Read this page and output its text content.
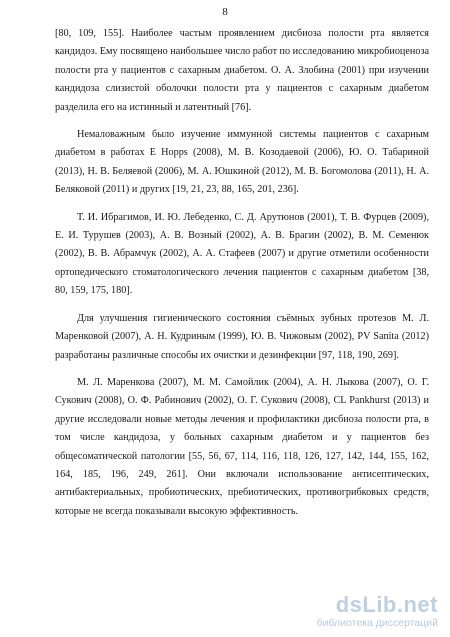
8

[80, 109, 155]. Наиболее частым проявлением дисбиоза полости рта является кандидоз. Ему посвящено наибольшее число работ по исследованию микробиоценоза полости рта у пациентов с сахарным диабетом. О. А. Злобина (2001) при изучении кандидоза слизистой оболочки полости рта у пациентов с сахарным диабетом разделила его на истинный и латентный [76].

Немаловажным было изучение иммунной системы пациентов с сахарным диабетом в работах E Hopps (2008), М. В. Козодаевой (2006), Ю. О. Табариной (2013), Н. В. Беляевой (2006), М. А. Юшкиной (2012), М. В. Богомолова (2011), Н. А. Беляковой (2011) и других [19, 21, 23, 88, 165, 201, 236].

Т. И. Ибрагимов, И. Ю. Лебеденко, С. Д. Арутюнов (2001), Т. В. Фурцев (2009), Е. И. Турушев (2003), А. В. Возный (2002), А. В. Брагин (2002), В. М. Семенюк (2002), В. В. Абрамчук (2002), А. А. Стафеев (2007) и другие отметили особенности ортопедического стоматологического лечения пациентов с сахарным диабетом [38, 80, 159, 175, 180].

Для улучшения гигиенического состояния съёмных зубных протезов М. Л. Маренковой (2007), А. Н. Кудриным (1999), Ю. В. Чижовым (2002), PV Sanita (2012) разработаны различные способы их очистки и дезинфекции [97, 118, 190, 269].

М. Л. Маренкова (2007), М. М. Самойлик (2004), А. Н. Лыкова (2007), О. Г. Сукович (2008), О. Ф. Рабинович (2002), О. Г. Сукович (2008), CL Pankhurst (2013) и другие исследовали новые методы лечения и профилактики дисбиоза полости рта, в том числе кандидоза, у больных сахарным диабетом и у пациентов без общесоматической патологии [55, 56, 67, 114, 116, 118, 126, 127, 142, 144, 155, 162, 164, 185, 196, 249, 261]. Они включали использование антисептических, антибактериальных, пробиотических, пребиотических, противогрибковых средств, которые не всегда показывали высокую эффективность.

dsLib.net
библиотека диссертаций
